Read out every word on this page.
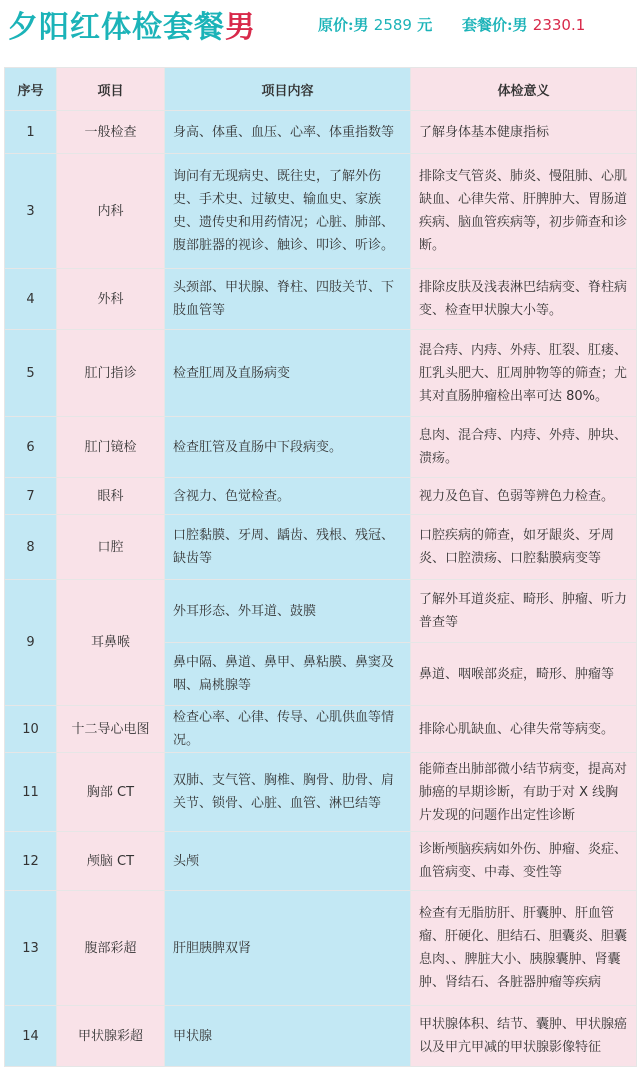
夕阳红体检套餐男	原价:男 2589 元 套餐价:男 2330.1
序号	项目	项目内容	体检意义
1	一般检查	身高、体重、血压、心率、体重指数等	了解身体基本健康指标
3	内科	询问有无现病史、既往史，了解外伤史、手术史、过敏史、输血史、家族史、遗传史和用药情况；心脏、肺部、腹部脏器的视诊、触诊、叩诊、听诊。	排除支气管炎、肺炎、慢阻肺、心肌缺血、心律失常、肝脾肿大、胃肠道疾病、脑血管疾病等，初步筛查和诊断。
4	外科	头颈部、甲状腺、脊柱、四肢关节、下肢血管等	排除皮肤及浅表淋巴结病变、脊柱病变、检查甲状腺大小等。
5	肛门指诊	检查肛周及直肠病变	混合痔、内痔、外痔、肛裂、肛瘘、肛乳头肥大、肛周肿物等的筛查；尤其对直肠肿瘤检出率可达 80%。
6	肛门镜检	检查肛管及直肠中下段病变。	息肉、混合痔、内痔、外痔、肿块、溃疡。
7	眼科	含视力、色觉检查。	视力及色盲、色弱等辨色力检查。
8	口腔	口腔黏膜、牙周、龋齿、残根、残冠、缺齿等	口腔疾病的筛查，如牙龈炎、牙周炎、口腔溃疡、口腔黏膜病变等
9	耳鼻喉	外耳形态、外耳道、鼓膜	了解外耳道炎症、畸形、肿瘤、听力普查等
		鼻中隔、鼻道、鼻甲、鼻粘膜、鼻窦及咽、扁桃腺等	鼻道、咽喉部炎症，畸形、肿瘤等
10	十二导心电图	检查心率、心律、传导、心肌供血等情况。	排除心肌缺血、心律失常等病变。
11	胸部 CT	双肺、支气管、胸椎、胸骨、肋骨、肩关节、锁骨、心脏、血管、淋巴结等	能筛查出肺部微小结节病变，提高对肺癌的早期诊断，有助于对 X 线胸片发现的问题作出定性诊断
12	颅脑 CT	头颅	诊断颅脑疾病如外伤、肿瘤、炎症、血管病变、中毒、变性等
13	腹部彩超	肝胆胰脾双肾	检查有无脂肪肝、肝囊肿、肝血管瘤、肝硬化、胆结石、胆囊炎、胆囊息肉、、脾脏大小、胰腺囊肿、肾囊肿、肾结石、各脏器肿瘤等疾病
14	甲状腺彩超	甲状腺	甲状腺体积、结节、囊肿、甲状腺癌以及甲亢甲减的甲状腺影像特征
